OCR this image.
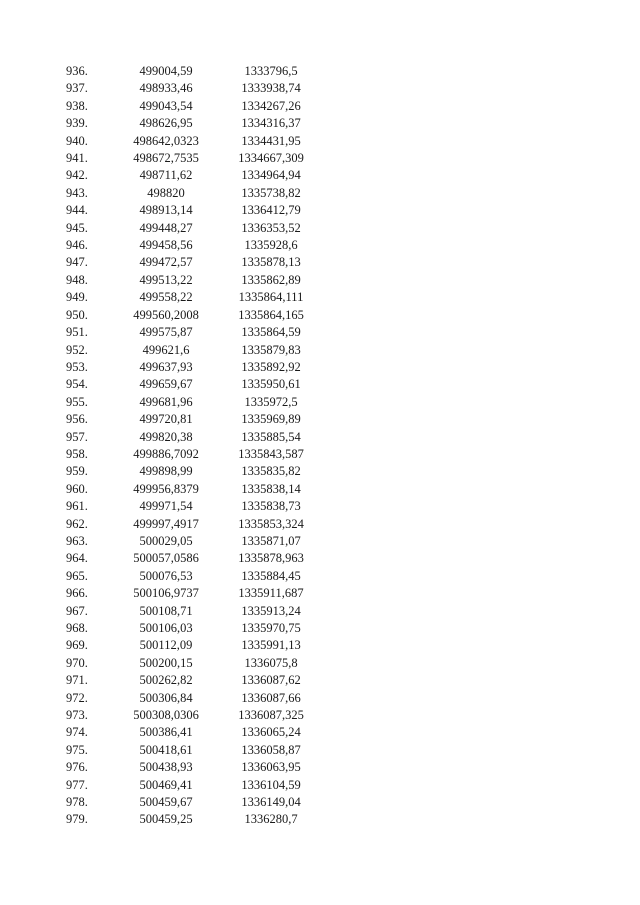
936.	499004,59	1333796,5
937.	498933,46	1333938,74
938.	499043,54	1334267,26
939.	498626,95	1334316,37
940.	498642,0323	1334431,95
941.	498672,7535	1334667,309
942.	498711,62	1334964,94
943.	498820	1335738,82
944.	498913,14	1336412,79
945.	499448,27	1336353,52
946.	499458,56	1335928,6
947.	499472,57	1335878,13
948.	499513,22	1335862,89
949.	499558,22	1335864,111
950.	499560,2008	1335864,165
951.	499575,87	1335864,59
952.	499621,6	1335879,83
953.	499637,93	1335892,92
954.	499659,67	1335950,61
955.	499681,96	1335972,5
956.	499720,81	1335969,89
957.	499820,38	1335885,54
958.	499886,7092	1335843,587
959.	499898,99	1335835,82
960.	499956,8379	1335838,14
961.	499971,54	1335838,73
962.	499997,4917	1335853,324
963.	500029,05	1335871,07
964.	500057,0586	1335878,963
965.	500076,53	1335884,45
966.	500106,9737	1335911,687
967.	500108,71	1335913,24
968.	500106,03	1335970,75
969.	500112,09	1335991,13
970.	500200,15	1336075,8
971.	500262,82	1336087,62
972.	500306,84	1336087,66
973.	500308,0306	1336087,325
974.	500386,41	1336065,24
975.	500418,61	1336058,87
976.	500438,93	1336063,95
977.	500469,41	1336104,59
978.	500459,67	1336149,04
979.	500459,25	1336280,7
